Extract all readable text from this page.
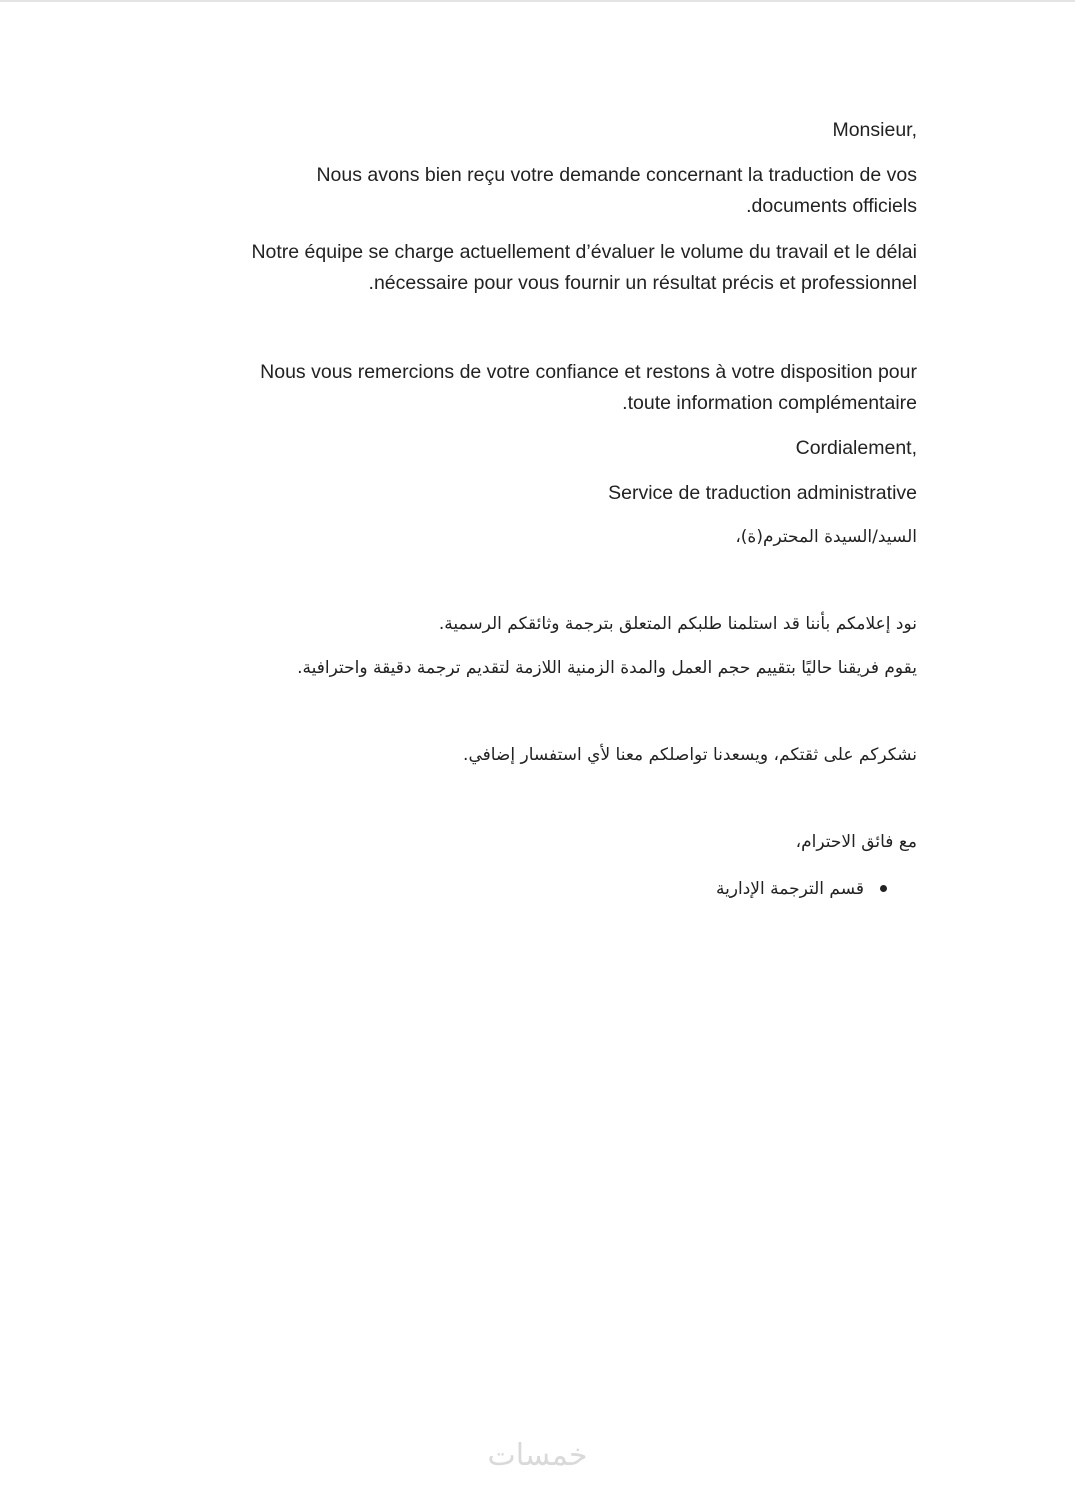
Monsieur,
Nous avons bien reçu votre demande concernant la traduction de vos
.documents officiels
Notre équipe se charge actuellement d’évaluer le volume du travail et le délai
.nécessaire pour vous fournir un résultat précis et professionnel
Nous vous remercions de votre confiance et restons à votre disposition pour
.toute information complémentaire
Cordialement,
Service de traduction administrative
السيد/السيدة المحترم(ة)،
نود إعلامكم بأننا قد استلمنا طلبكم المتعلق بترجمة وثائقكم الرسمية.
يقوم فريقنا حاليًا بتقييم حجم العمل والمدة الزمنية اللازمة لتقديم ترجمة دقيقة واحترافية.
نشكركم على ثقتكم، ويسعدنا تواصلكم معنا لأي استفسار إضافي.
مع فائق الاحترام،
قسم الترجمة الإدارية
خمسات
